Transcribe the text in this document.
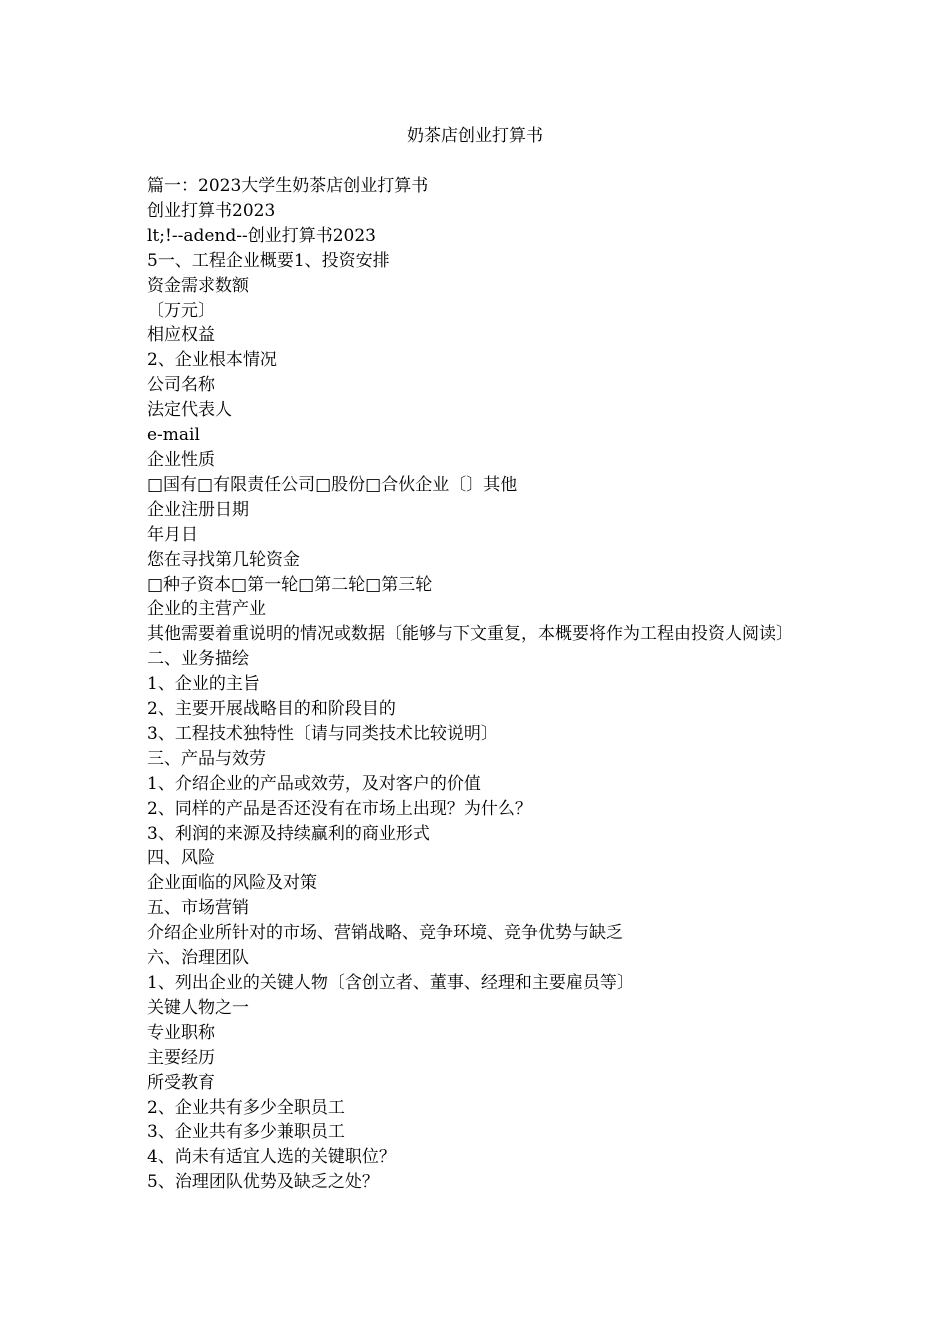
奶茶店创业打算书
篇一：2023大学生奶茶店创业打算书
创业打算书2023
lt;!--adend--创业打算书2023
5一、工程企业概要1、投资安排
资金需求数额
〔万元〕
相应权益
2、企业根本情况
公司名称
法定代表人
e-mail
企业性质
□国有□有限责任公司□股份□合伙企业〔〕其他
企业注册日期
年月日
您在寻找第几轮资金
□种子资本□第一轮□第二轮□第三轮
企业的主营产业
其他需要着重说明的情况或数据〔能够与下文重复，本概要将作为工程由投资人阅读〕
二、业务描绘
1、企业的主旨
2、主要开展战略目的和阶段目的
3、工程技术独特性〔请与同类技术比较说明〕
三、产品与效劳
1、介绍企业的产品或效劳，及对客户的价值
2、同样的产品是否还没有在市场上出现？为什么？
3、利润的来源及持续赢利的商业形式
四、风险
企业面临的风险及对策
五、市场营销
介绍企业所针对的市场、营销战略、竞争环境、竞争优势与缺乏
六、治理团队
1、列出企业的关键人物〔含创立者、董事、经理和主要雇员等〕
关键人物之一
专业职称
主要经历
所受教育
2、企业共有多少全职员工
3、企业共有多少兼职员工
4、尚未有适宜人选的关键职位？
5、治理团队优势及缺乏之处？
